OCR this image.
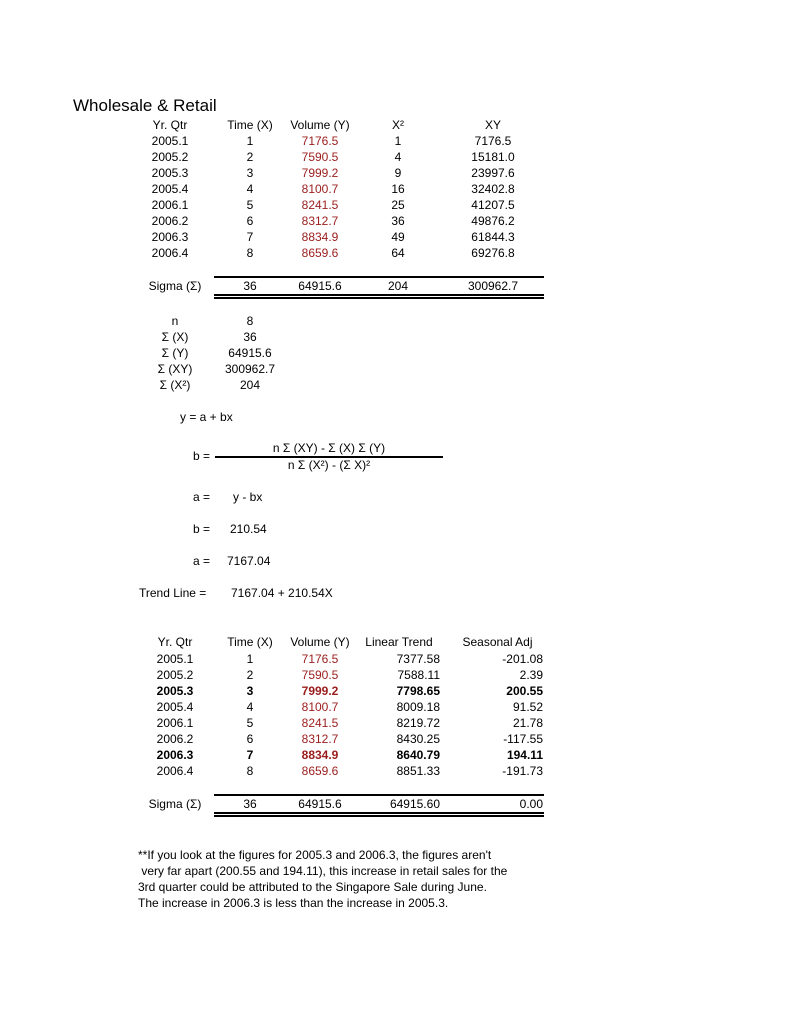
Wholesale & Retail
Yr. Qtr	Time (X)	Volume (Y)	X²	XY
2005.1	1	7176.5	1	7176.5
2005.2	2	7590.5	4	15181.0
2005.3	3	7999.2	9	23997.6
2005.4	4	8100.7	16	32402.8
2006.1	5	8241.5	25	41207.5
2006.2	6	8312.7	36	49876.2
2006.3	7	8834.9	49	61844.3
2006.4	8	8659.6	64	69276.8
Sigma (Σ)	36	64915.6	204	300962.7
n	8
Σ (X)	36
Σ (Y)	64915.6
Σ (XY)	300962.7
Σ (X²)	204
y = a + bx
b =
n Σ (XY) - Σ (X) Σ (Y)
n Σ (X²) - (Σ X)²
a = y - bx
b = 210.54
a = 7167.04
Trend Line = 7167.04 + 210.54X
Yr. Qtr	Time (X)	Volume (Y)	Linear Trend	Seasonal Adj
2005.1	1	7176.5	7377.58	-201.08
2005.2	2	7590.5	7588.11	2.39
2005.3	3	7999.2	7798.65	200.55
2005.4	4	8100.7	8009.18	91.52
2006.1	5	8241.5	8219.72	21.78
2006.2	6	8312.7	8430.25	-117.55
2006.3	7	8834.9	8640.79	194.11
2006.4	8	8659.6	8851.33	-191.73
Sigma (Σ)	36	64915.6	64915.60	0.00
**If you look at the figures for 2005.3 and 2006.3, the figures aren't
very far apart (200.55 and 194.11), this increase in retail sales for the
3rd quarter could be attributed to the Singapore Sale during June.
The increase in 2006.3 is less than the increase in 2005.3.
